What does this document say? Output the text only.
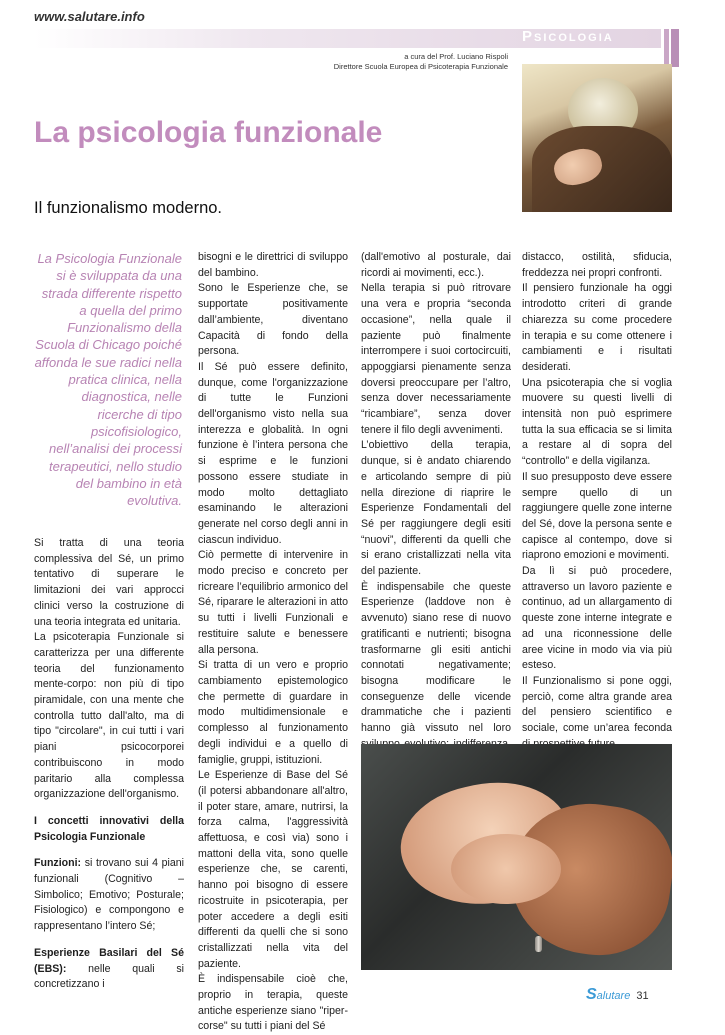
www.salutare.info
Psicologia
a cura del Prof. Luciano Rispoli
Direttore Scuola Europea di Psicoterapia Funzionale
La psicologia funzionale
Il funzionalismo moderno.
La Psicologia Funzionale si è sviluppata da una strada differente rispetto a quella del primo Funzionalismo della Scuola di Chicago poiché affonda le sue radici nella pratica clinica, nella diagnostica, nelle ricerche di tipo psicofisiologico, nell’analisi dei processi terapeutici, nello studio del bambino in età evolutiva.

Si tratta di una teoria complessiva del Sé, un primo tentativo di superare le limitazioni dei vari approcci clinici verso la costruzione di una teoria integrata ed unitaria.

La psicoterapia Funzionale si caratterizza per una differente teoria del funzionamento mente-corpo: non più di tipo piramidale, con una mente che controlla tutto dall'alto, ma di tipo "circolare", in cui tutti i vari piani psicocorporei contribuiscono in modo paritario alla complessa organizzazione dell'organismo.

I concetti innovativi della Psicologia Funzionale

Funzioni: si trovano sui 4 piani funzionali (Cognitivo – Simbolico; Emotivo; Posturale; Fisiologico) e compongono e rappresentano l’intero Sé;

Esperienze Basilari del Sé (EBS): nelle quali si concretizzano i

bisogni e le direttrici di sviluppo del bambino.

Sono le Esperienze che, se supportate positivamente dall’ambiente, diventano Capacità di fondo della persona.

Il Sé può essere definito, dunque, come l'organizzazione di tutte le Funzioni dell'organismo visto nella sua interezza e globalità. In ogni funzione è l’intera persona che si esprime e le funzioni possono essere studiate in modo molto dettagliato esaminando le alterazioni generate nel corso degli anni in ciascun individuo.

Ciò permette di intervenire in modo preciso e concreto per ricreare l’equilibrio armonico del Sé, riparare le alterazioni in atto su tutti i livelli Funzionali e restituire salute e benessere alla persona.

Si tratta di un vero e proprio cambiamento epistemologico che permette di guardare in modo multidimensionale e complesso al funzionamento degli individui e a quello di famiglie, gruppi, istituzioni.

Le Esperienze di Base del Sé (il potersi abbandonare all'altro, il poter stare, amare, nutrirsi, la forza calma, l'aggressività affettuosa, e così via) sono i mattoni della vita, sono quelle esperienze che, se carenti, hanno poi bisogno di essere ricostruite in psicoterapia, per poter accedere a degli esiti differenti da quelli che si sono cristallizzati nella vita del paziente.

È indispensabile cioè che, proprio in terapia, queste antiche esperienze siano "ripercorse" su tutti i piani del Sé

(dall'emotivo al posturale, dai ricordi ai movimenti, ecc.).

Nella terapia si può ritrovare una vera e propria “seconda occasione”, nella quale il paziente può finalmente interrompere i suoi cortocircuiti, appoggiarsi pienamente senza doversi preoccupare per l’altro, senza dover necessariamente “ricambiare”, senza dover tenere il filo degli avvenimenti.

L’obiettivo della terapia, dunque, si è andato chiarendo e articolando sempre di più nella direzione di riaprire le Esperienze Fondamentali del Sé per raggiungere degli esiti “nuovi”, differenti da quelli che si erano cristallizzati nella vita del paziente.

È indispensabile che queste Esperienze (laddove non è avvenuto) siano rese di nuovo gratificanti e nutrienti; bisogna trasformarne gli esiti antichi connotati negativamente; bisogna modificare le conseguenze delle vicende drammatiche che i pazienti hanno già vissuto nel loro

distacco, ostilità, sfiducia, freddezza nei propri confronti.

Il pensiero funzionale ha oggi introdotto criteri di grande chiarezza su come procedere in terapia e su come ottenere i cambiamenti e i risultati desiderati.

Una psicoterapia che si voglia muovere su questi livelli di intensità non può esprimere tutta la sua efficacia se si limita a restare al di sopra del “controllo” e della vigilanza.

Il suo presupposto deve essere sempre quello di un raggiungere quelle zone interne del Sé, dove la persona sente e capisce al contempo, dove si riaprono emozioni e movimenti.

Da lì si può procedere, attraverso un lavoro paziente e continuo, ad un allargamento di queste zone interne integrate e ad una riconnessione delle aree vicine in modo via via più esteso.

Il Funzionalismo si pone oggi, perciò, come altra grande area del pensiero scientifico e sociale, come un’area feconda

Salutare 31
